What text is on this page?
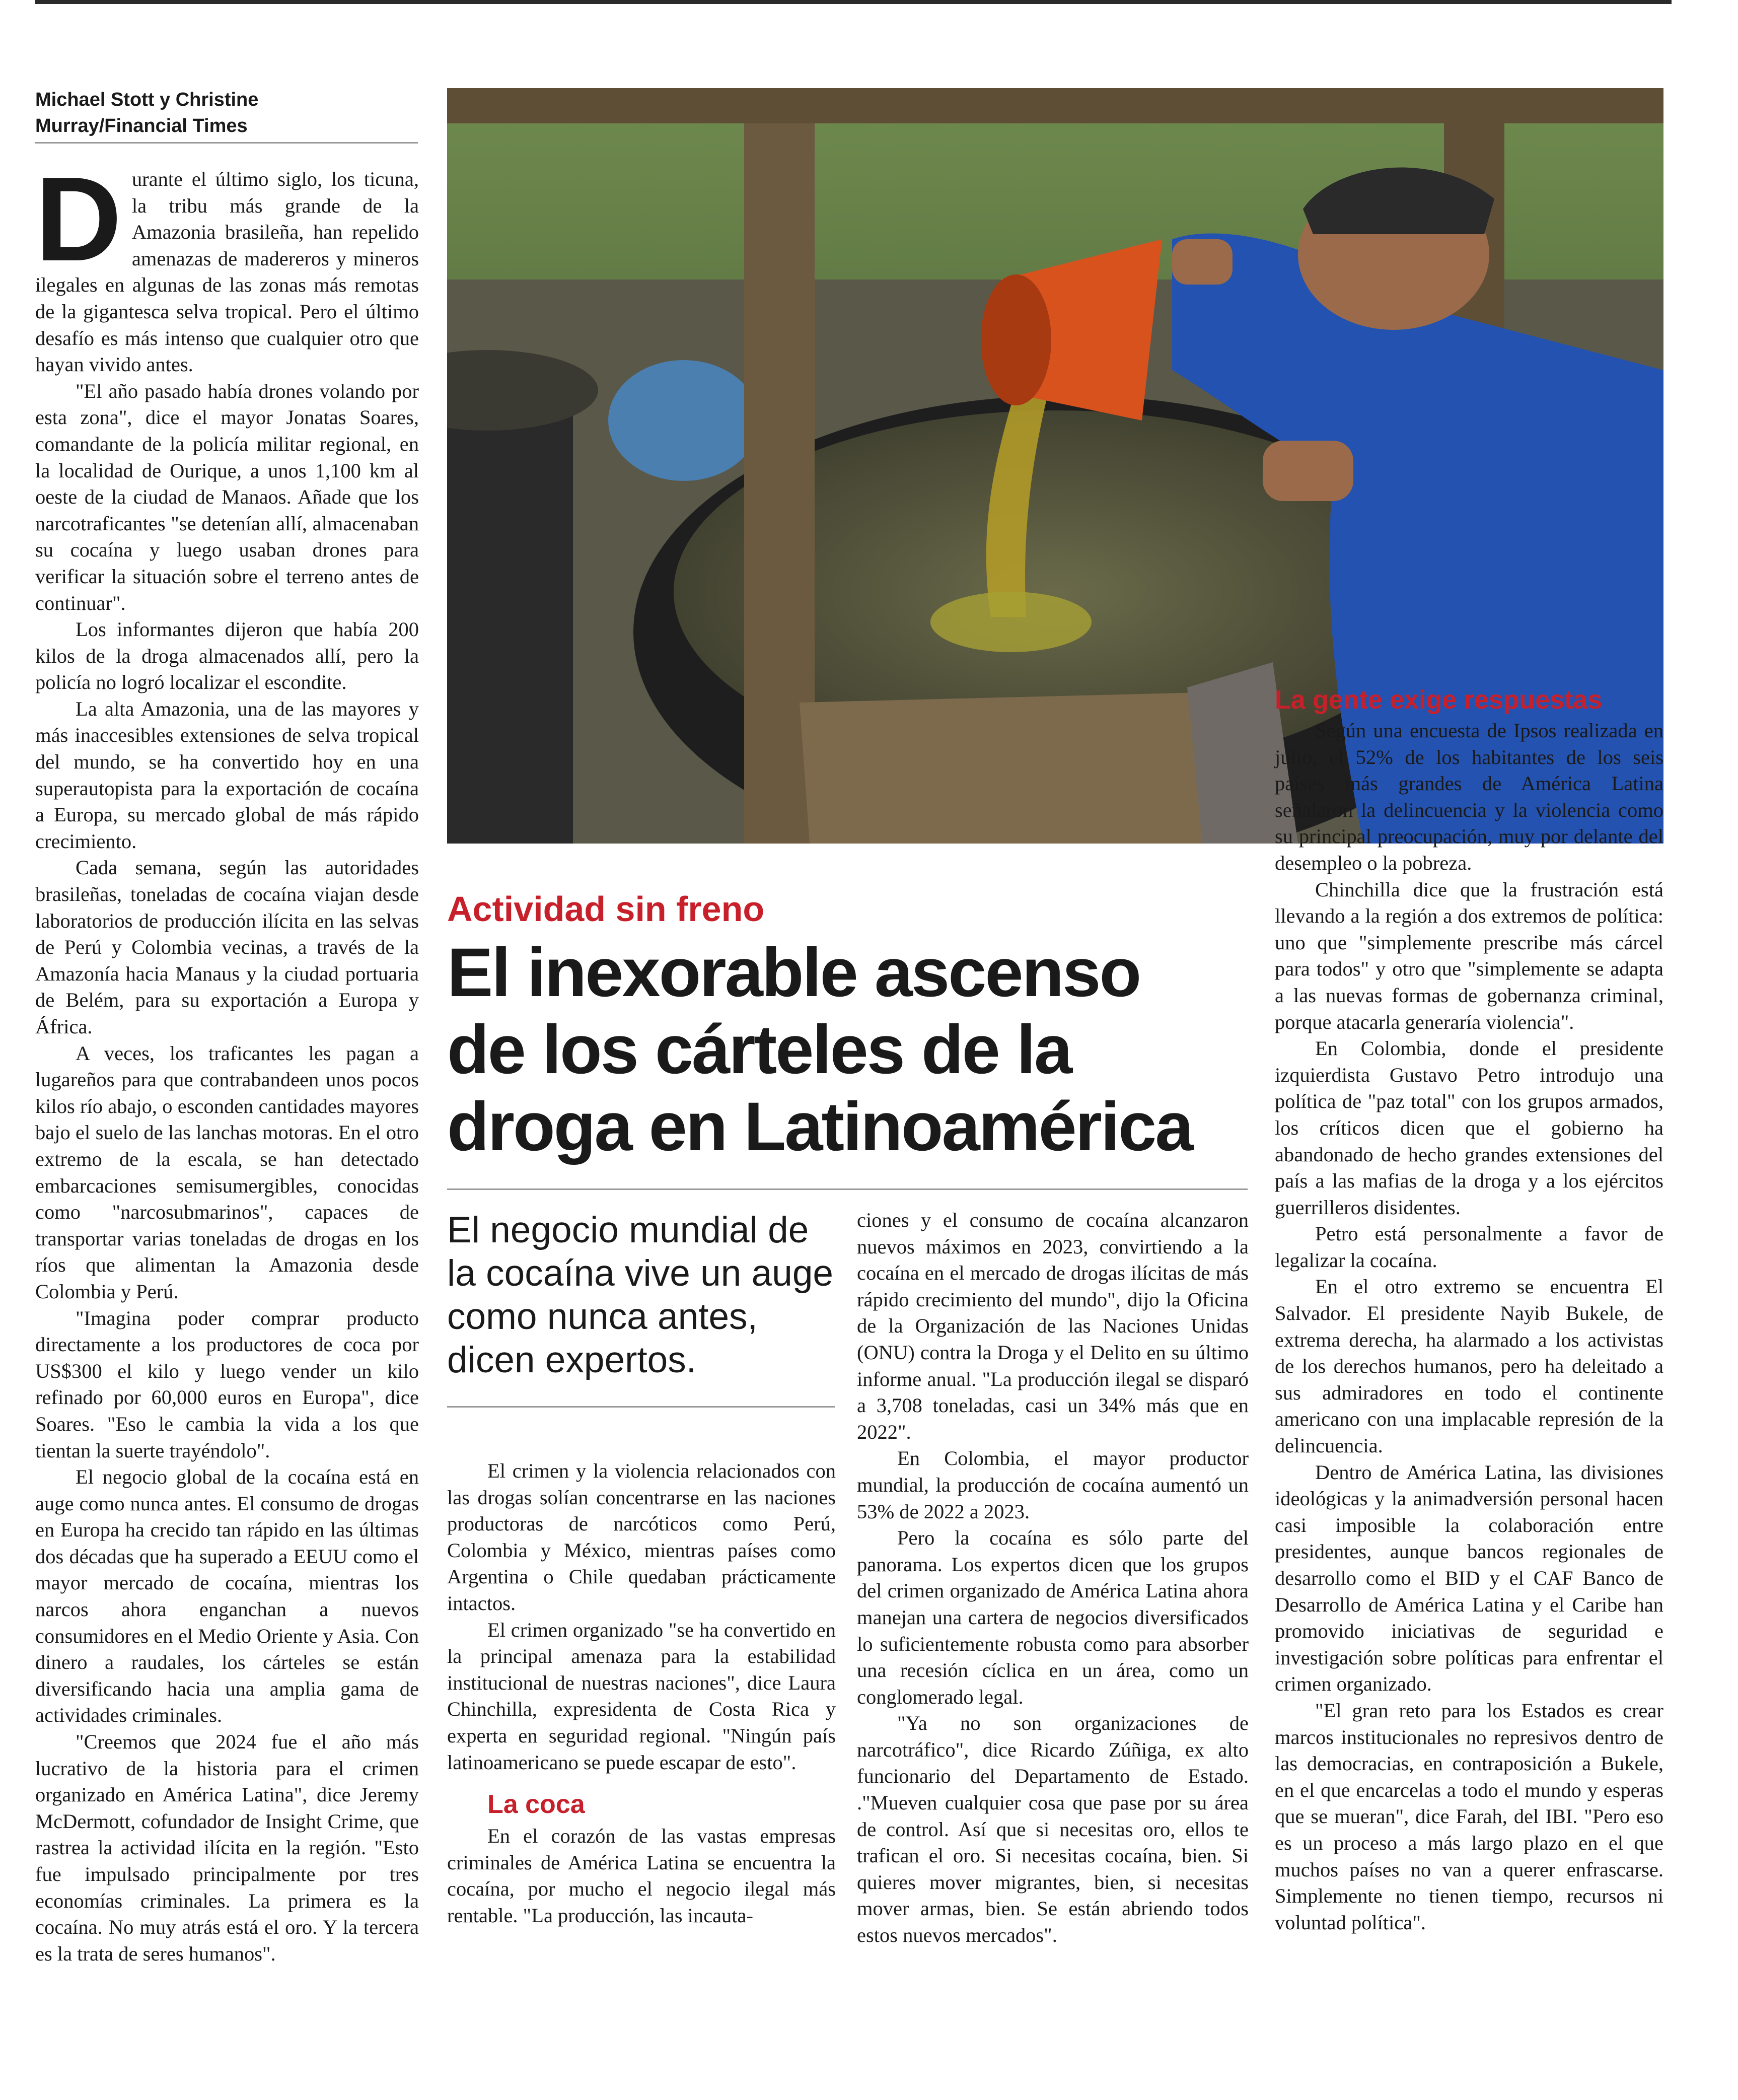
Michael Stott y Christine
Murray/Financial Times

Durante el último siglo, los ticuna, la tribu más grande de la Amazonia brasileña, han repelido amenazas de madereros y mineros ilegales en algunas de las zonas más remotas de la gigantesca selva tropical. Pero el último desafío es más intenso que cualquier otro que hayan vivido antes.

"El año pasado había drones volando por esta zona", dice el mayor Jonatas Soares, comandante de la policía militar regional, en la localidad de Ourique, a unos 1,100 km al oeste de la ciudad de Manaos. Añade que los narcotraficantes "se detenían allí, almacenaban su cocaína y luego usaban drones para verificar la situación sobre el terreno antes de continuar".

Los informantes dijeron que había 200 kilos de la droga almacenados allí, pero la policía no logró localizar el escondite.

La alta Amazonia, una de las mayores y más inaccesibles extensiones de selva tropical del mundo, se ha convertido hoy en una superautopista para la exportación de cocaína a Europa, su mercado global de más rápido crecimiento.

Cada semana, según las autoridades brasileñas, toneladas de cocaína viajan desde laboratorios de producción ilícita en las selvas de Perú y Colombia vecinas, a través de la Amazonía hacia Manaus y la ciudad portuaria de Belém, para su exportación a Europa y África.

A veces, los traficantes les pagan a lugareños para que contrabandeen unos pocos kilos río abajo, o esconden cantidades mayores bajo el suelo de las lanchas motoras. En el otro extremo de la escala, se han detectado embarcaciones semisumergibles, conocidas como "narcosubmarinos", capaces de transportar varias toneladas de drogas en los ríos que alimentan la Amazonia desde Colombia y Perú.

"Imagina poder comprar producto directamente a los productores de coca por US$300 el kilo y luego vender un kilo refinado por 60,000 euros en Europa", dice Soares. "Eso le cambia la vida a los que tientan la suerte trayéndolo".

El negocio global de la cocaína está en auge como nunca antes. El consumo de drogas en Europa ha crecido tan rápido en las últimas dos décadas que ha superado a EEUU como el mayor mercado de cocaína, mientras los narcos ahora enganchan a nuevos consumidores en el Medio Oriente y Asia. Con dinero a raudales, los cárteles se están diversificando hacia una amplia gama de actividades criminales.

"Creemos que 2024 fue el año más lucrativo de la historia para el crimen organizado en América Latina", dice Jeremy McDermott, cofundador de Insight Crime, que rastrea la actividad ilícita en la región. "Esto fue impulsado principalmente por tres economías criminales. La primera es la cocaína. No muy atrás está el oro. Y la tercera es la trata de seres humanos".

La gente exige respuestas
Actividad sin freno
El inexorable ascenso
de los cárteles de la
droga en Latinoamérica
El negocio mundial de la cocaína vive un auge como nunca antes, dicen expertos.

El crimen y la violencia relacionados con las drogas solían concentrarse en las naciones productoras de narcóticos como Perú, Colombia y México, mientras países como Argentina o Chile quedaban prácticamente intactos.

El crimen organizado "se ha convertido en la principal amenaza para la estabilidad institucional de nuestras naciones", dice Laura Chinchilla, expresidenta de Costa Rica y experta en seguridad regional. "Ningún país latinoamericano se puede escapar de esto".

La coca

En el corazón de las vastas empresas criminales de América Latina se encuentra la cocaína, por mucho el negocio ilegal más rentable. "La producción, las incauta-

ciones y el consumo de cocaína alcanzaron nuevos máximos en 2023, convirtiendo a la cocaína en el mercado de drogas ilícitas de más rápido crecimiento del mundo", dijo la Oficina de la Organización de las Naciones Unidas (ONU) contra la Droga y el Delito en su último informe anual. "La producción ilegal se disparó a 3,708 toneladas, casi un 34% más que en 2022".

En Colombia, el mayor productor mundial, la producción de cocaína aumentó un 53% de 2022 a 2023.

Pero la cocaína es sólo parte del panorama. Los expertos dicen que los grupos del crimen organizado de América Latina ahora manejan una cartera de negocios diversificados lo suficientemente robusta como para absorber una recesión cíclica en un área, como un conglomerado legal.

"Ya no son organizaciones de narcotráfico", dice Ricardo Zúñiga, ex alto funcionario del Departamento de Estado. ."Mueven cualquier cosa que pase por su área de control. Así que si necesitas oro, ellos te trafican el oro. Si necesitas cocaína, bien. Si quieres mover migrantes, bien, si necesitas mover armas, bien. Se están abriendo todos estos nuevos mercados".

Según una encuesta de Ipsos realizada en julio, el 52% de los habitantes de los seis países más grandes de América Latina señalaron la delincuencia y la violencia como su principal preocupación, muy por delante del desempleo o la pobreza.

Chinchilla dice que la frustración está llevando a la región a dos extremos de política: uno que "simplemente prescribe más cárcel para todos" y otro que "simplemente se adapta a las nuevas formas de gobernanza criminal, porque atacarla generaría violencia".

En Colombia, donde el presidente izquierdista Gustavo Petro introdujo una política de "paz total" con los grupos armados, los críticos dicen que el gobierno ha abandonado de hecho grandes extensiones del país a las mafias de la droga y a los ejércitos guerrilleros disidentes.

Petro está personalmente a favor de legalizar la cocaína.

En el otro extremo se encuentra El Salvador. El presidente Nayib Bukele, de extrema derecha, ha alarmado a los activistas de los derechos humanos, pero ha deleitado a sus admiradores en todo el continente americano con una implacable represión de la delincuencia.

Dentro de América Latina, las divisiones ideológicas y la animadversión personal hacen casi imposible la colaboración entre presidentes, aunque bancos regionales de desarrollo como el BID y el CAF Banco de Desarrollo de América Latina y el Caribe han promovido iniciativas de seguridad e investigación sobre políticas para enfrentar el crimen organizado.

"El gran reto para los Estados es crear marcos institucionales no represivos dentro de las democracias, en contraposición a Bukele, en el que encarcelas a todo el mundo y esperas que se mueran", dice Farah, del IBI. "Pero eso es un proceso a más largo plazo en el que muchos países no van a querer enfrascarse. Simplemente no tienen tiempo, recursos ni voluntad política".
